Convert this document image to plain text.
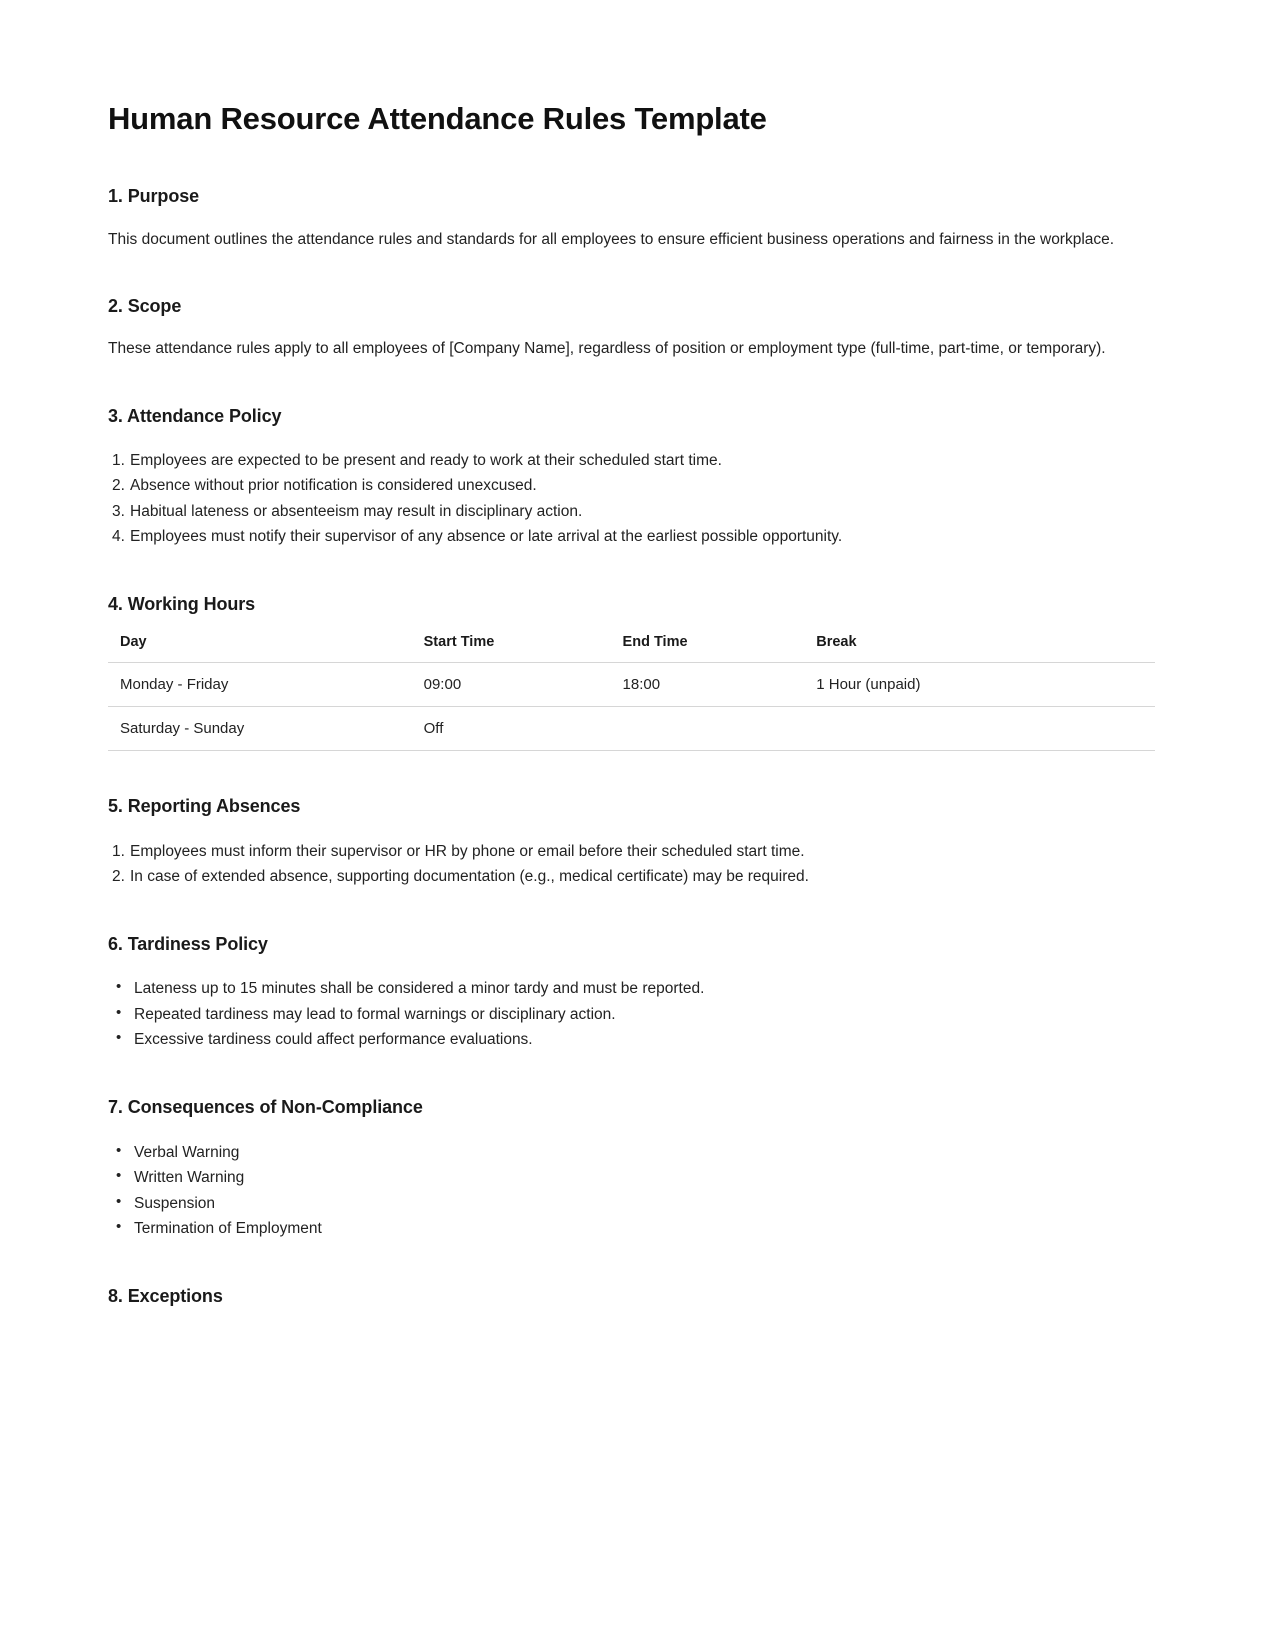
Human Resource Attendance Rules Template
1. Purpose

This document outlines the attendance rules and standards for all employees to ensure efficient business operations and fairness in the workplace.

2. Scope

These attendance rules apply to all employees of [Company Name], regardless of position or employment type (full-time, part-time, or temporary).

3. Attendance Policy
1. Employees are expected to be present and ready to work at their scheduled start time.
2. Absence without prior notification is considered unexcused.
3. Habitual lateness or absenteeism may result in disciplinary action.
4. Employees must notify their supervisor of any absence or late arrival at the earliest possible opportunity.
4. Working Hours
Day	Start Time	End Time	Break
Monday - Friday	09:00	18:00	1 Hour (unpaid)
Saturday - Sunday	Off		
5. Reporting Absences
1. Employees must inform their supervisor or HR by phone or email before their scheduled start time.
2. In case of extended absence, supporting documentation (e.g., medical certificate) may be required.
6. Tardiness Policy
• Lateness up to 15 minutes shall be considered a minor tardy and must be reported.
• Repeated tardiness may lead to formal warnings or disciplinary action.
• Excessive tardiness could affect performance evaluations.
7. Consequences of Non-Compliance
• Verbal Warning
• Written Warning
• Suspension
• Termination of Employment
8. Exceptions
